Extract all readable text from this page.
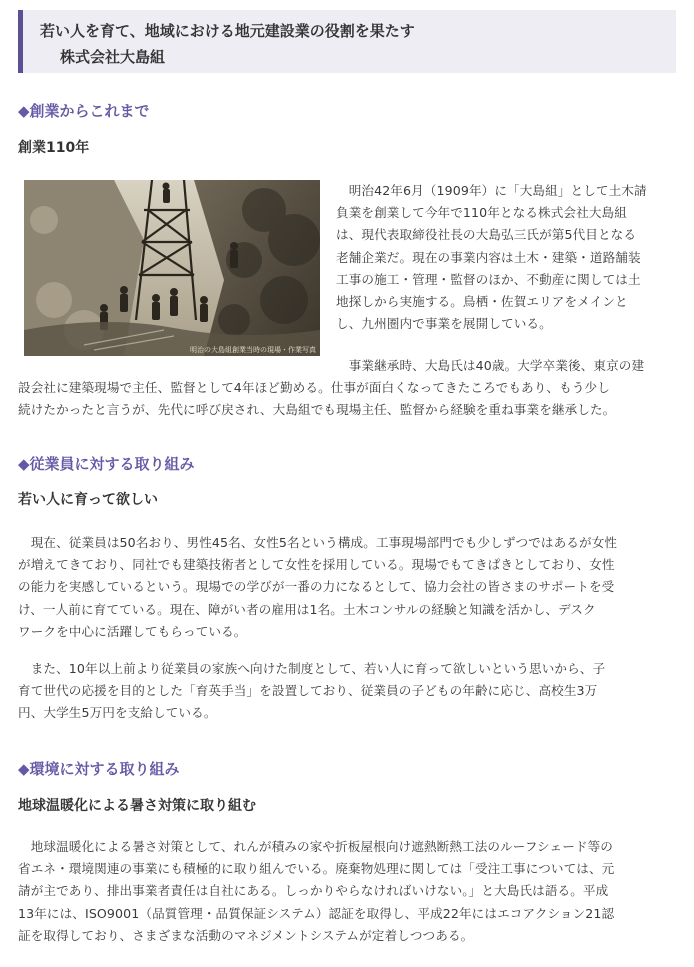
若い人を育て、地域における地元建設業の役割を果たす
株式会社大島組
◆創業からこれまで
創業110年
明治の大島組創業当時の現場・作業写真
　明治42年6月（1909年）に「大島組」として土木請
負業を創業して今年で110年となる株式会社大島組
は、現代表取締役社長の大島弘三氏が第5代目となる
老舗企業だ。現在の事業内容は土木・建築・道路舗装
工事の施工・管理・監督のほか、不動産に関しては土
地探しから実施する。鳥栖・佐賀エリアをメインと
し、九州圏内で事業を展開している。
　事業継承時、大島氏は40歳。大学卒業後、東京の建
設会社に建築現場で主任、監督として4年ほど勤める。仕事が面白くなってきたころでもあり、もう少し
続けたかったと言うが、先代に呼び戻され、大島組でも現場主任、監督から経験を重ね事業を継承した。
◆従業員に対する取り組み
若い人に育って欲しい
　現在、従業員は50名おり、男性45名、女性5名という構成。工事現場部門でも少しずつではあるが女性
が増えてきており、同社でも建築技術者として女性を採用している。現場でもてきぱきとしており、女性
の能力を実感しているという。現場での学びが一番の力になるとして、協力会社の皆さまのサポートを受
け、一人前に育てている。現在、障がい者の雇用は1名。土木コンサルの経験と知識を活かし、デスク
ワークを中心に活躍してもらっている。
　また、10年以上前より従業員の家族へ向けた制度として、若い人に育って欲しいという思いから、子
育て世代の応援を目的とした「育英手当」を設置しており、従業員の子どもの年齢に応じ、高校生3万
円、大学生5万円を支給している。
◆環境に対する取り組み
地球温暖化による暑さ対策に取り組む
　地球温暖化による暑さ対策として、れんが積みの家や折板屋根向け遮熱断熱工法のルーフシェード等の
省エネ・環境関連の事業にも積極的に取り組んでいる。廃棄物処理に関しては「受注工事については、元
請が主であり、排出事業者責任は自社にある。しっかりやらなければいけない。」と大島氏は語る。平成
13年には、ISO9001（品質管理・品質保証システム）認証を取得し、平成22年にはエコアクション21認
証を取得しており、さまざまな活動のマネジメントシステムが定着しつつある。
